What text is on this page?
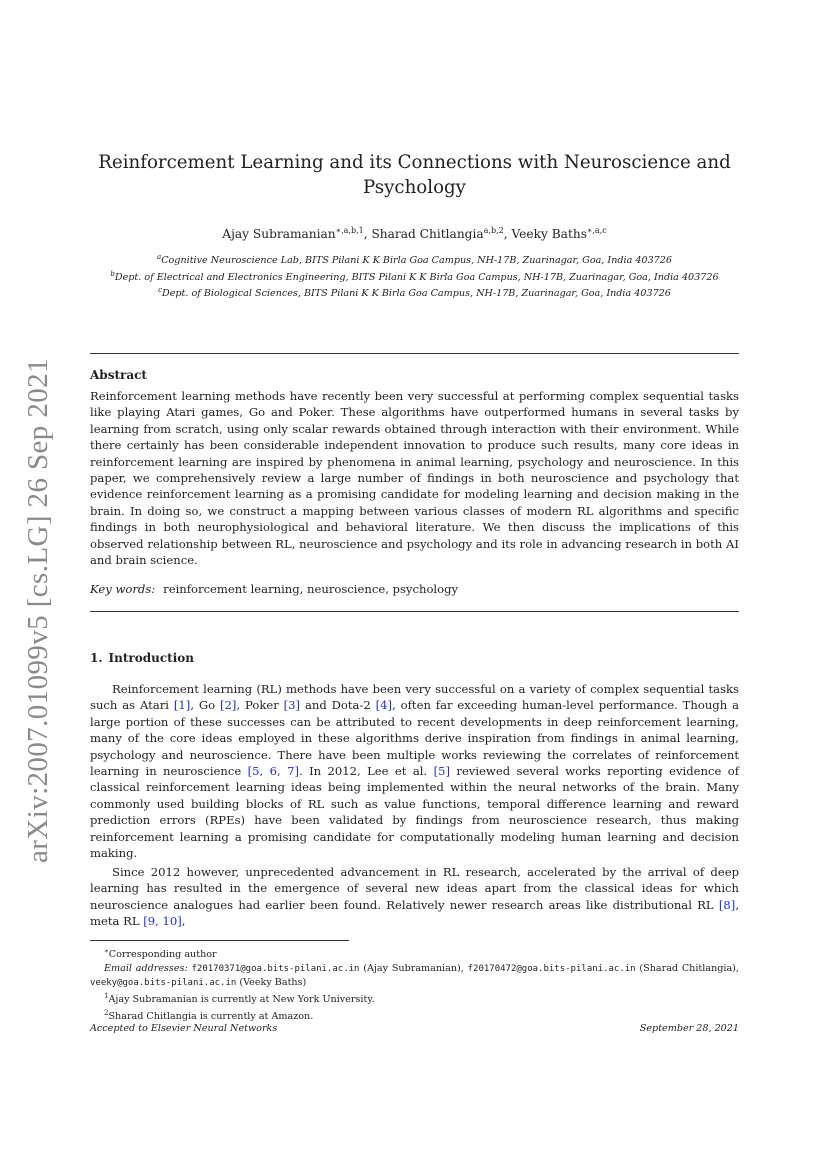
arXiv:2007.01099v5 [cs.LG] 26 Sep 2021
Reinforcement Learning and its Connections with Neuroscience and
Psychology
Ajay Subramanian$^{∗,a,b,1}$, Sharad Chitlangia$^{a,b,2}$, Veeky Baths$^{∗,a,c}$
$^a$Cognitive Neuroscience Lab, BITS Pilani K K Birla Goa Campus, NH-17B, Zuarinagar, Goa, India 403726
$^b$Dept. of Electrical and Electronics Engineering, BITS Pilani K K Birla Goa Campus, NH-17B, Zuarinagar, Goa, India 403726
$^c$Dept. of Biological Sciences, BITS Pilani K K Birla Goa Campus, NH-17B, Zuarinagar, Goa, India 403726
Abstract

Reinforcement learning methods have recently been very successful at performing complex sequential tasks like playing Atari games, Go and Poker. These algorithms have outperformed humans in several tasks by learning from scratch, using only scalar rewards obtained through interaction with their environment. While there certainly has been considerable independent innovation to produce such results, many core ideas in reinforcement learning are inspired by phenomena in animal learning, psychology and neuroscience. In this paper, we comprehensively review a large number of findings in both neuroscience and psychology that evidence reinforcement learning as a promising candidate for modeling learning and decision making in the brain. In doing so, we construct a mapping between various classes of modern RL algorithms and specific findings in both neurophysiological and behavioral literature. We then discuss the implications of this observed relationship between RL, neuroscience and psychology and its role in advancing research in both AI and brain science.

Key words: reinforcement learning, neuroscience, psychology
1. Introduction

Reinforcement learning (RL) methods have been very successful on a variety of complex sequential tasks such as Atari [1], Go [2], Poker [3] and Dota-2 [4], often far exceeding human-level performance. Though a large portion of these successes can be attributed to recent developments in deep reinforcement learning, many of the core ideas employed in these algorithms derive inspiration from findings in animal learning, psychology and neuroscience. There have been multiple works reviewing the correlates of reinforcement learning in neuroscience [5, 6, 7]. In 2012, Lee et al. [5] reviewed several works reporting evidence of classical reinforcement learning ideas being implemented within the neural networks of the brain. Many commonly used building blocks of RL such as value functions, temporal difference learning and reward prediction errors (RPEs) have been validated by findings from neuroscience research, thus making reinforcement learning a promising candidate for computationally modeling human learning and decision making.

Since 2012 however, unprecedented advancement in RL research, accelerated by the arrival of deep learning has resulted in the emergence of several new ideas apart from the classical ideas for which neuroscience analogues had earlier been found. Relatively newer research areas like distributional RL [8], meta RL [9, 10],

∗Corresponding author
Email addresses: f20170371@goa.bits-pilani.ac.in (Ajay Subramanian), f20170472@goa.bits-pilani.ac.in (Sharad Chitlangia), veeky@goa.bits-pilani.ac.in (Veeky Baths)
$^1$Ajay Subramanian is currently at New York University.
$^2$Sharad Chitlangia is currently at Amazon.
Accepted to Elsevier Neural Networks	September 28, 2021
